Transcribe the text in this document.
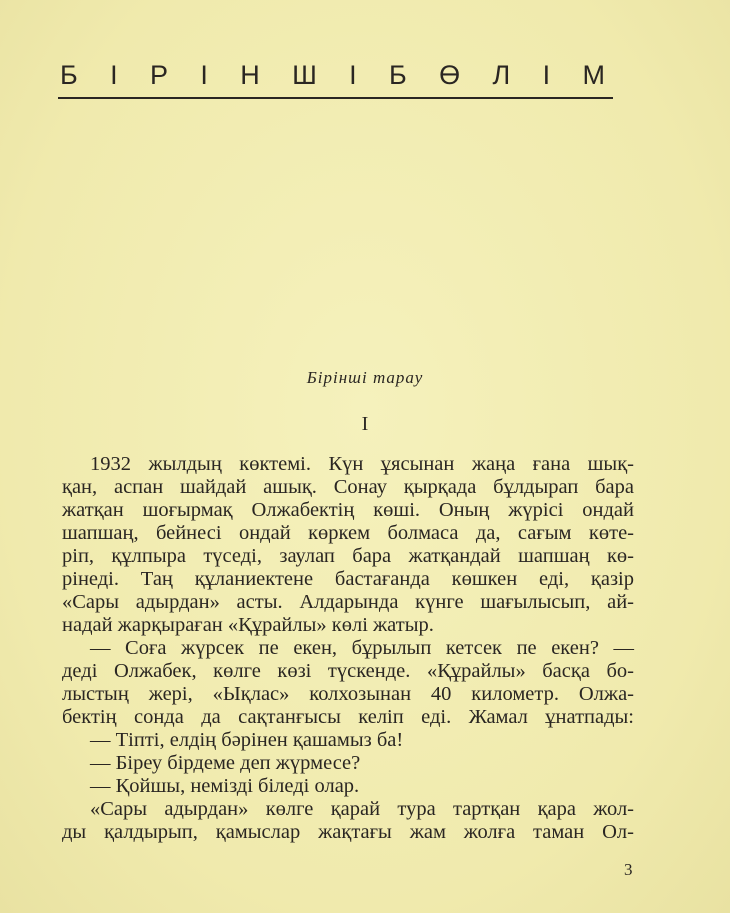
Б І Р І Н Ш І Б Ө Л І М
Бірінші тарау
I
1932 жылдың көктемі. Күн ұясынан жаңа ғана шық-
қан, аспан шайдай ашық. Сонау қырқада бұлдырап бара
жатқан шоғырмақ Олжабектің көші. Оның жүрісі ондай
шапшаң, бейнесі ондай көркем болмаса да, сағым көте-
ріп, құлпыра түседі, заулап бара жатқандай шапшаң кө-
рінеді. Таң құланиектене бастағанда көшкен еді, қазір
«Сары адырдан» асты. Алдарында күнге шағылысып, ай-
надай жарқыраған «Құрайлы» көлі жатыр.
— Соға жүрсек пе екен, бұрылып кетсек пе екен? —
деді Олжабек, көлге көзі түскенде. «Құрайлы» басқа бо-
лыстың жері, «Ықлас» колхозынан 40 километр. Олжа-
бектің сонда да сақтанғысы келіп еді. Жамал ұнатпады:
— Тіпті, елдің бәрінен қашамыз ба!
— Біреу бірдеме деп жүрмесе?
— Қойшы, немізді біледі олар.
«Сары адырдан» көлге қарай тура тартқан қара жол-
ды қалдырып, қамыслар жақтағы жам жолға таман Ол-
3
